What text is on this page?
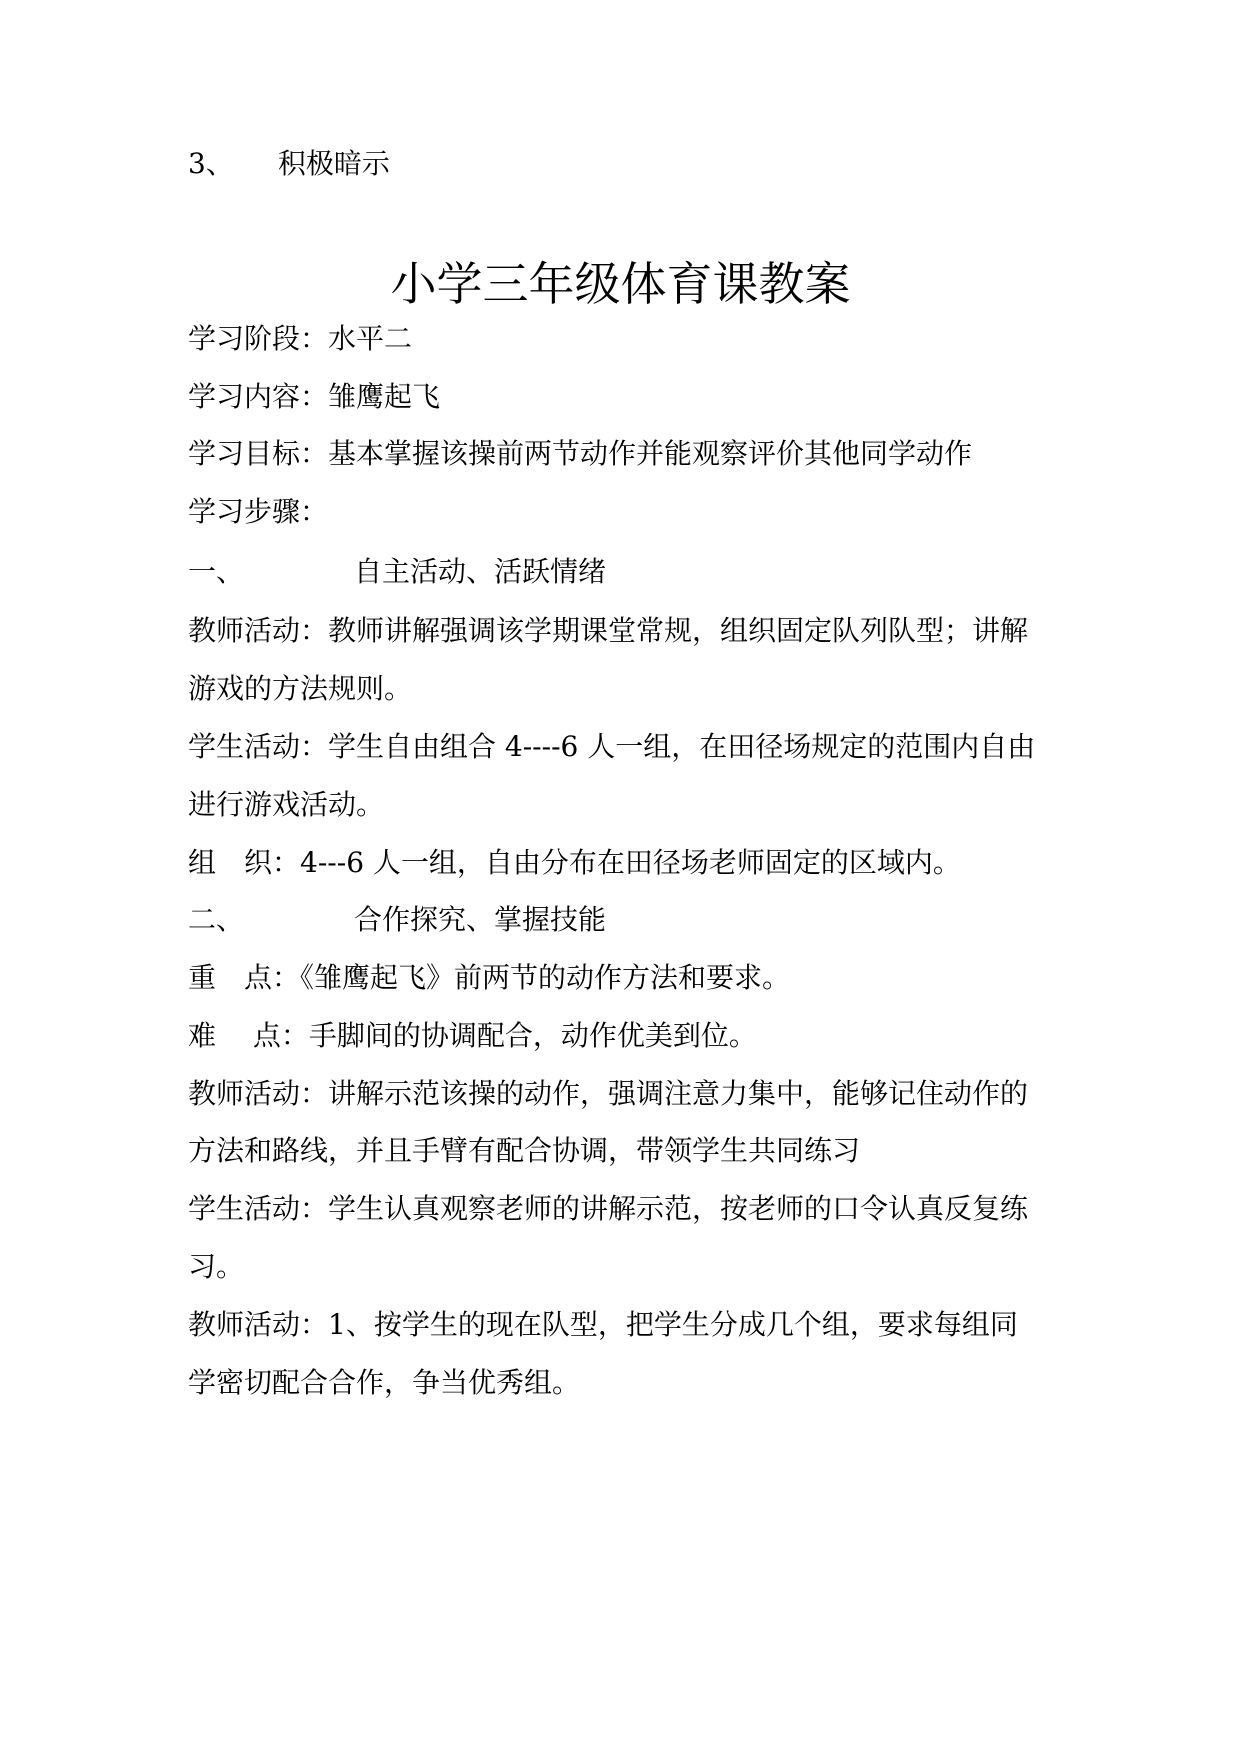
3、 积极暗示
小学三年级体育课教案
学习阶段：水平二
学习内容：雏鹰起飞
学习目标：基本掌握该操前两节动作并能观察评价其他同学动作
学习步骤：
一、	自主活动、活跃情绪
教师活动：教师讲解强调该学期课堂常规，组织固定队列队型；讲解
游戏的方法规则。
学生活动：学生自由组合 4----6 人一组，在田径场规定的范围内自由
进行游戏活动。
组　织：4---6 人一组，自由分布在田径场老师固定的区域内。
二、	合作探究、掌握技能
重　点：《雏鹰起飞》前两节的动作方法和要求。
难　 点：手脚间的协调配合，动作优美到位。
教师活动：讲解示范该操的动作，强调注意力集中，能够记住动作的
方法和路线，并且手臂有配合协调，带领学生共同练习
学生活动：学生认真观察老师的讲解示范，按老师的口令认真反复练
习。
教师活动：1、按学生的现在队型，把学生分成几个组，要求每组同
学密切配合合作，争当优秀组。
